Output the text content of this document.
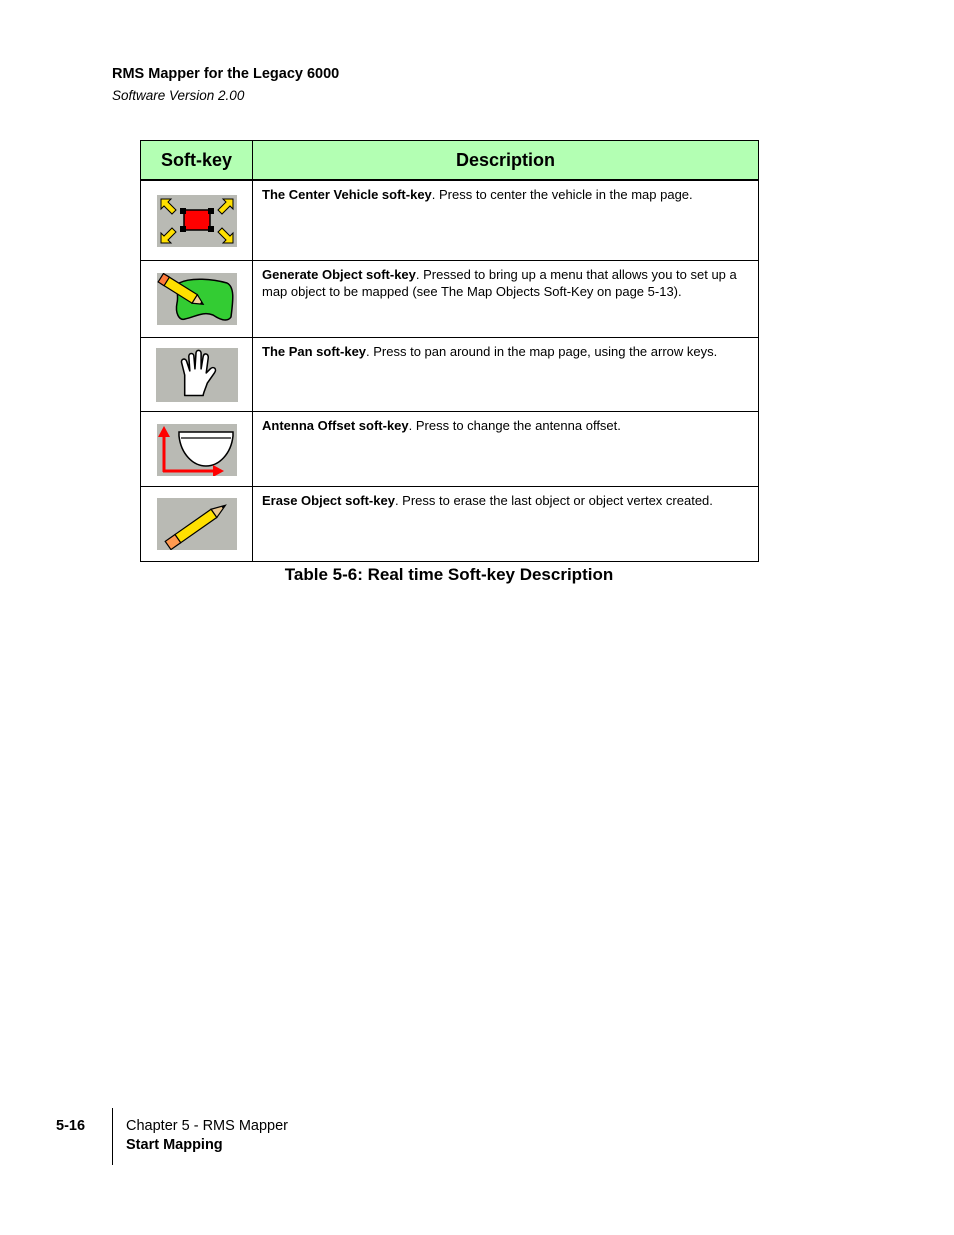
RMS Mapper for the Legacy 6000
Software Version 2.00
Soft-key	Description

	The Center Vehicle soft-key. Press to center the vehicle in the map page.

	Generate Object soft-key. Pressed to bring up a menu that allows you to set up a map object to be mapped (see The Map Objects Soft-Key on page 5-13).

	The Pan soft-key. Press to pan around in the map page, using the arrow keys.

	Antenna Offset soft-key. Press to change the antenna offset.

	Erase Object soft-key. Press to erase the last object or object vertex created.
Table 5-6: Real time Soft-key Description
5-16	Chapter 5 - RMS Mapper
Start Mapping
